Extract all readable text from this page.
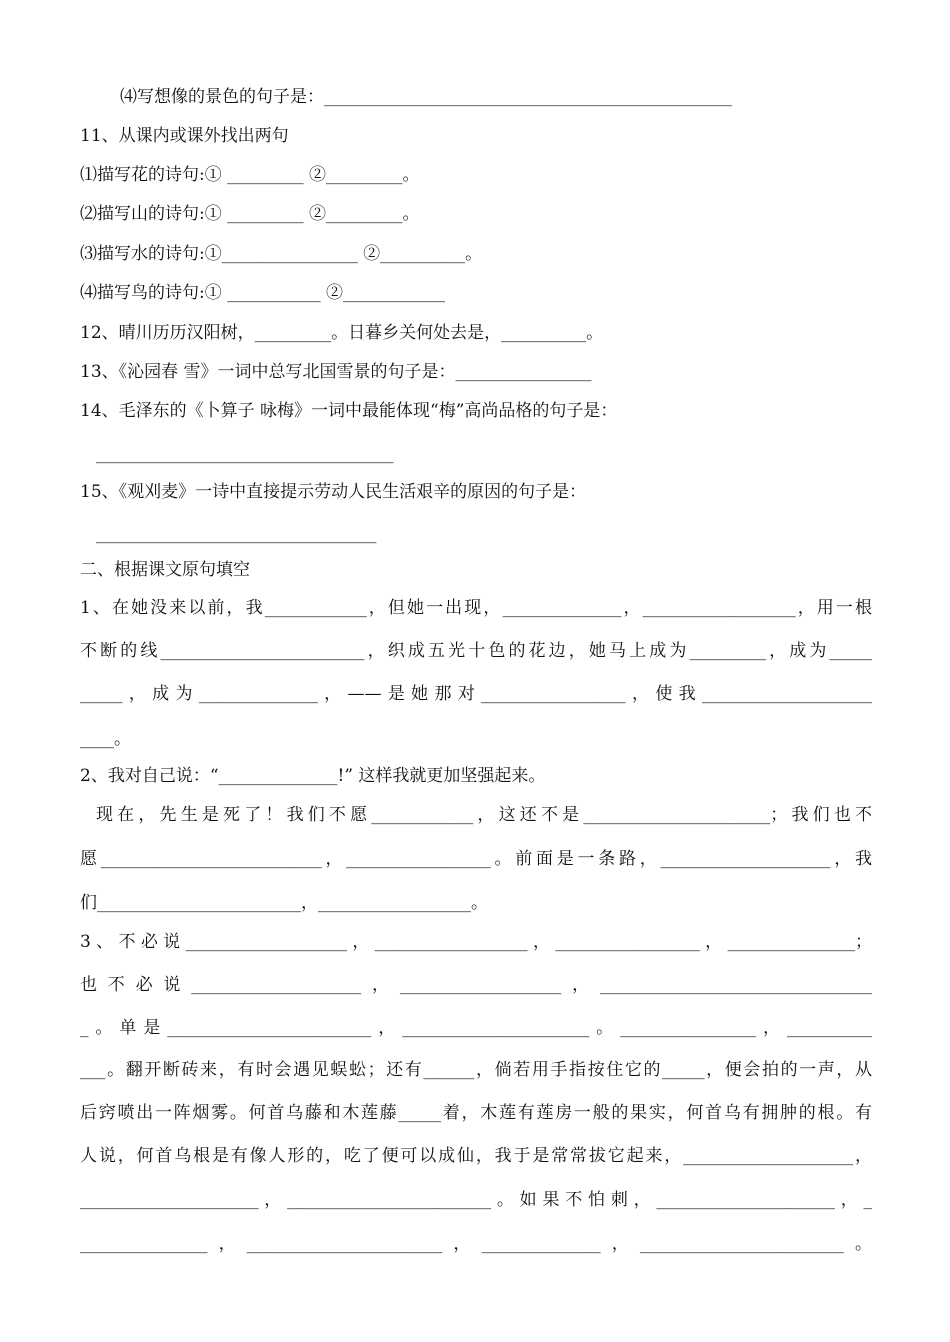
⑷写想像的景色的句子是：________________________________________________
11、从课内或课外找出两句
⑴描写花的诗句:① _________ ②_________。
⑵描写山的诗句:① _________ ②_________。
⑶描写水的诗句:①________________ ②__________。
⑷描写鸟的诗句:① ___________ ②____________
12、晴川历历汉阳树，_________。日暮乡关何处去是，__________。
13、《沁园春 雪》一词中总写北国雪景的句子是：________________
14、毛泽东的《卜算子 咏梅》一词中最能体现“梅”高尚品格的句子是：
___________________________________
15、《观刈麦》一诗中直接提示劳动人民生活艰辛的原因的句子是：
_________________________________
二、根据课文原句填空
1、在她没来以前，我____________，但她一出现，______________，__________________，用一根
不断的线________________________，织成五光十色的花边，她马上成为_________，成为_____
_____，成为______________，——是她那对_________________，使我____________________
____。
2、我对自己说：“______________!” 这样我就更加坚强起来。
现在，先生是死了！我们不愿____________，这还不是______________________；我们也不
愿__________________________，_________________。前面是一条路，____________________，我
们________________________，__________________。
3、不必说___________________，__________________，_________________，_______________；
也不必说____________________，___________________，________________________________
_。单是________________________，______________________。________________，__________
___。翻开断砖来，有时会遇见蜈蚣；还有______，倘若用手指按住它的_____，便会拍的一声，从
后窍喷出一阵烟雾。何首乌藤和木莲藤_____着，木莲有莲房一般的果实，何首乌有拥肿的根。有
人说，何首乌根是有像人形的，吃了便可以成仙，我于是常常拔它起来，____________________，
_____________________，________________________。如果不怕刺，_____________________，_
_______________，_______________________，______________，________________________。
